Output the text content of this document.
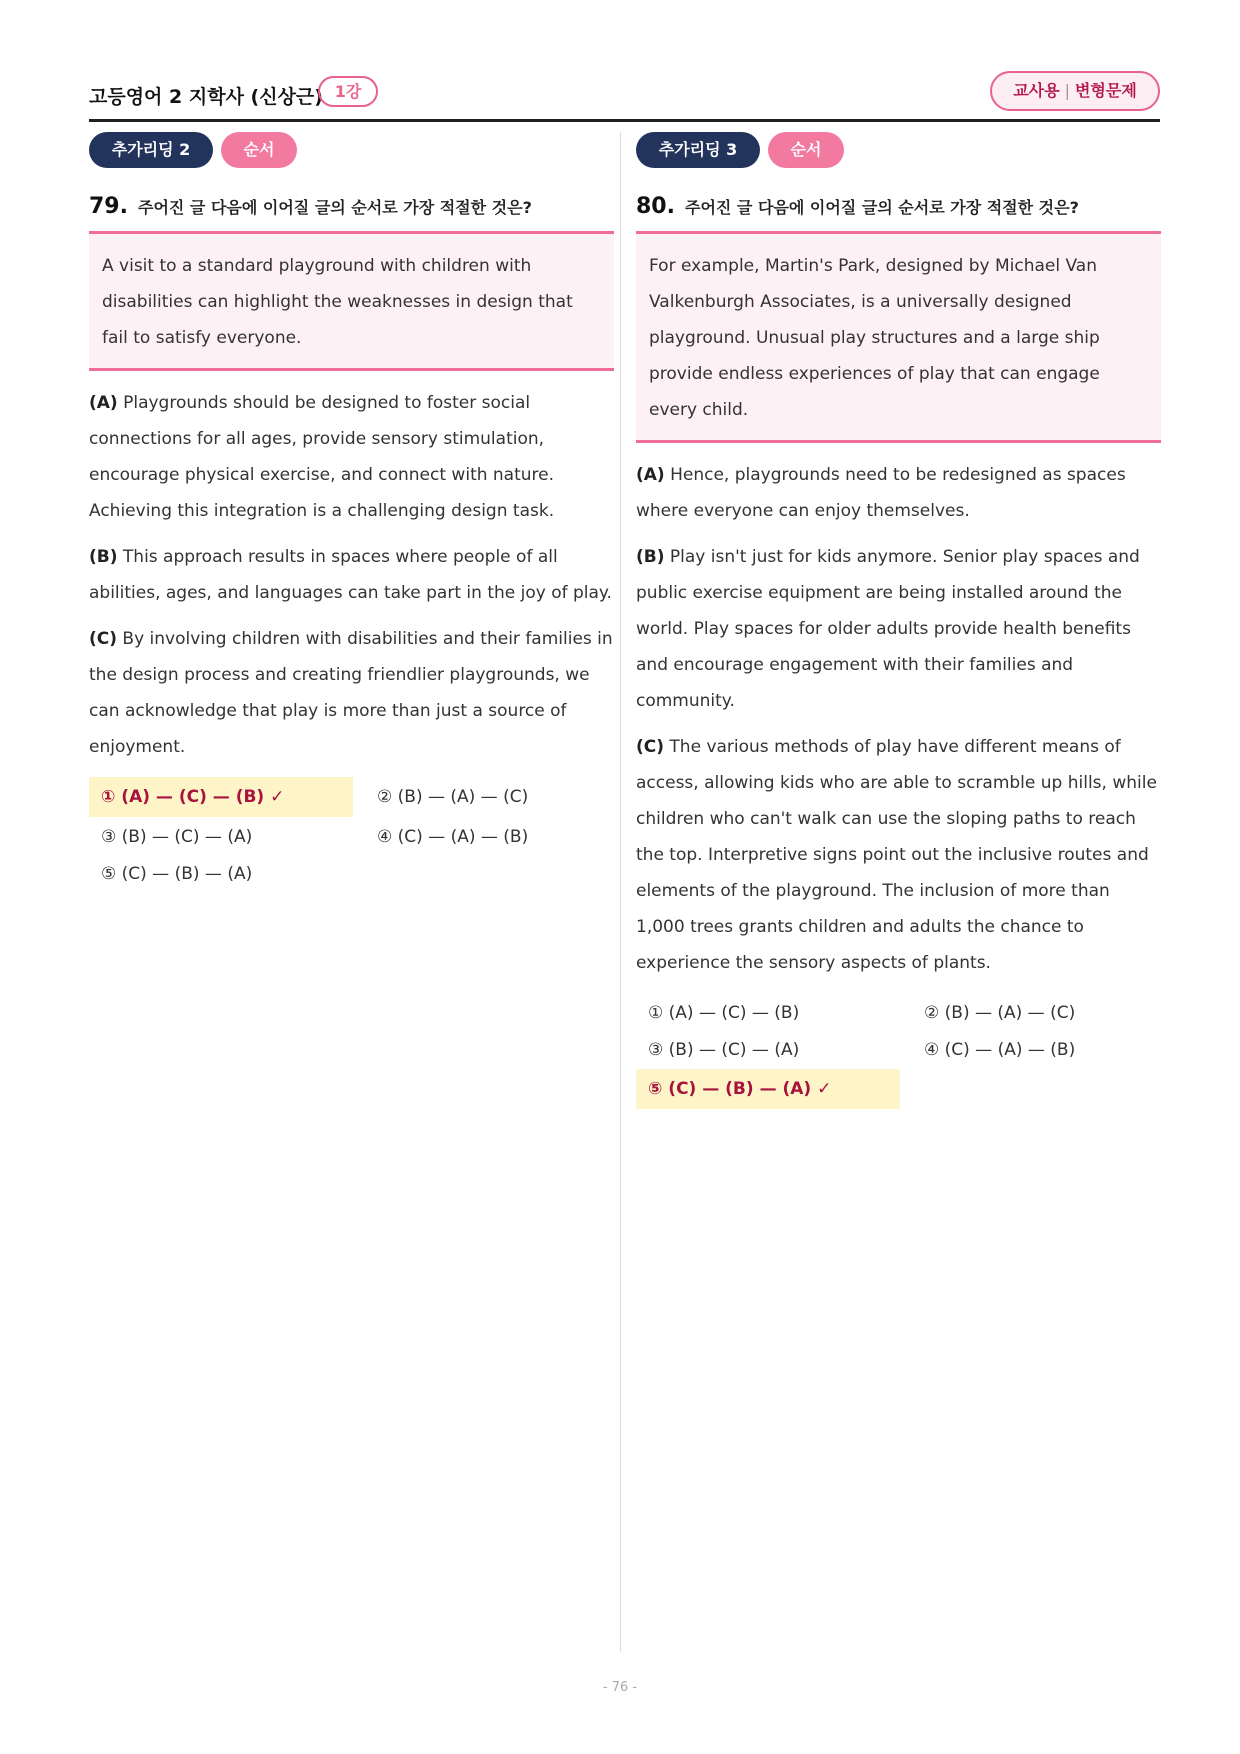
고등영어 2 지학사 (신상근) 1강	교사용 | 변형문제
추가리딩 2	순서
79. 주어진 글 다음에 이어질 글의 순서로 가장 적절한 것은?
A visit to a standard playground with children with disabilities can highlight the weaknesses in design that fail to satisfy everyone.
(A) Playgrounds should be designed to foster social connections for all ages, provide sensory stimulation, encourage physical exercise, and connect with nature. Achieving this integration is a challenging design task.
(B) This approach results in spaces where people of all abilities, ages, and languages can take part in the joy of play.
(C) By involving children with disabilities and their families in the design process and creating friendlier playgrounds, we can acknowledge that play is more than just a source of enjoyment.
① (A) — (C) — (B) ✓	② (B) — (A) — (C)
③ (B) — (C) — (A)	④ (C) — (A) — (B)
⑤ (C) — (B) — (A)
추가리딩 3	순서
80. 주어진 글 다음에 이어질 글의 순서로 가장 적절한 것은?
For example, Martin's Park, designed by Michael Van Valkenburgh Associates, is a universally designed playground. Unusual play structures and a large ship provide endless experiences of play that can engage every child.
(A) Hence, playgrounds need to be redesigned as spaces where everyone can enjoy themselves.
(B) Play isn't just for kids anymore. Senior play spaces and public exercise equipment are being installed around the world. Play spaces for older adults provide health benefits and encourage engagement with their families and community.
(C) The various methods of play have different means of access, allowing kids who are able to scramble up hills, while children who can't walk can use the sloping paths to reach the top. Interpretive signs point out the inclusive routes and elements of the playground. The inclusion of more than 1,000 trees grants children and adults the chance to experience the sensory aspects of plants.
① (A) — (C) — (B)	② (B) — (A) — (C)
③ (B) — (C) — (A)	④ (C) — (A) — (B)
⑤ (C) — (B) — (A) ✓
- 76 -
